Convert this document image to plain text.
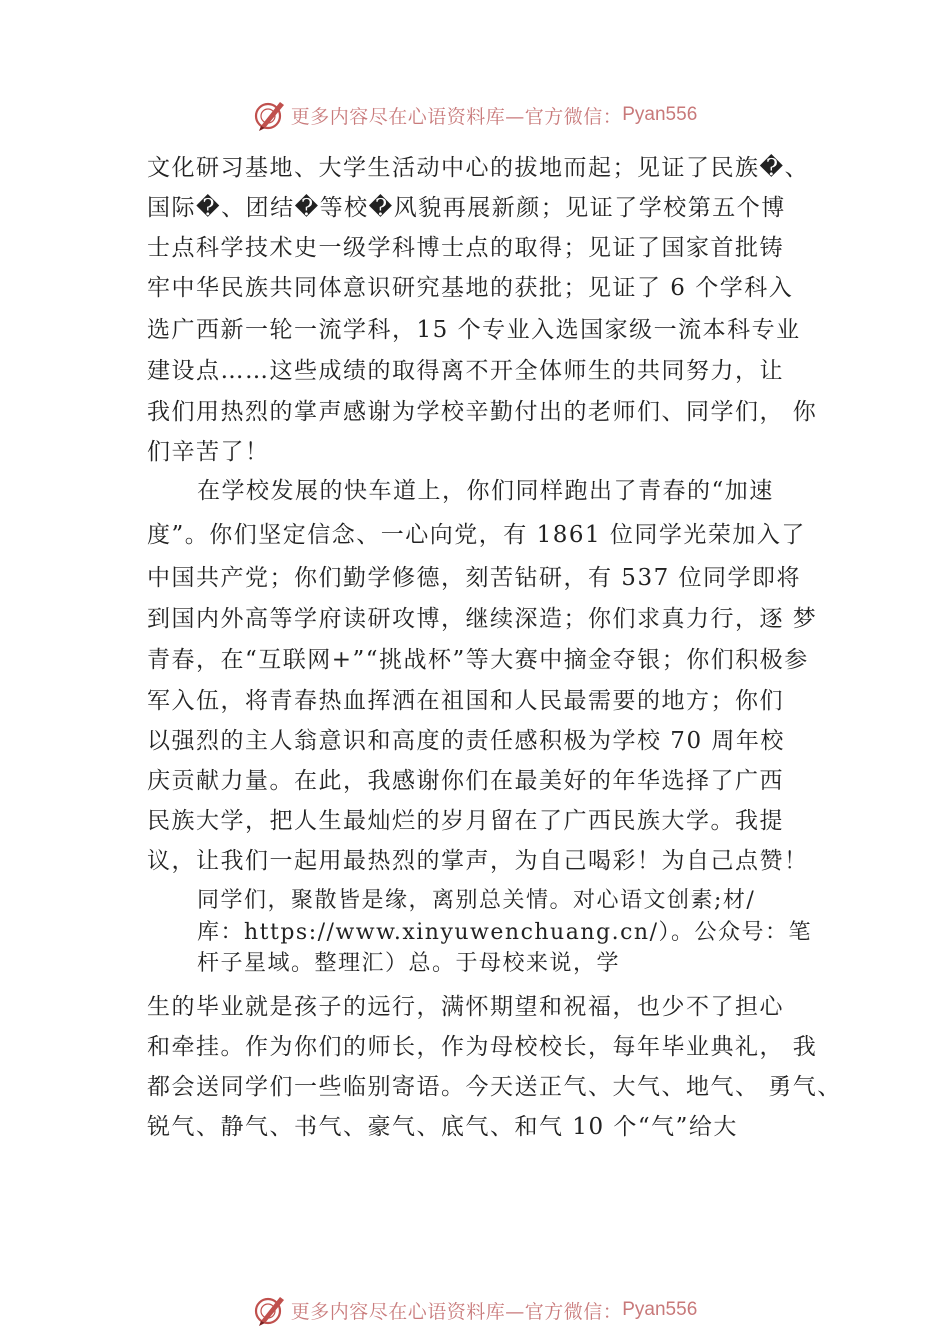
更多内容尽在心语资料库—官方微信： Pyan556
文化研习基地、大学生活动中心的拔地而起；见证了民族�、
国际�、团结�等校�风貌再展新颜；见证了学校第五个博
士点科学技术史一级学科博士点的取得；见证了国家首批铸
牢中华民族共同体意识研究基地的获批；见证了 6 个学科入
选广西新一轮一流学科，15 个专业入选国家级一流本科专业
建设点……这些成绩的取得离不开全体师生的共同努力，让
我们用热烈的掌声感谢为学校辛勤付出的老师们、同学们， 你
们辛苦了！
在学校发展的快车道上，你们同样跑出了青春的“加速
度”。你们坚定信念、一心向党，有 1861 位同学光荣加入了
中国共产党；你们勤学修德，刻苦钻研，有 537 位同学即将
到国内外高等学府读研攻博，继续深造；你们求真力行，逐 梦
青春，在“互联网+”“挑战杯”等大赛中摘金夺银；你们积极参
军入伍，将青春热血挥洒在祖国和人民最需要的地方；你们
以强烈的主人翁意识和高度的责任感积极为学校 70 周年校
庆贡献力量。在此，我感谢你们在最美好的年华选择了广西
民族大学，把人生最灿烂的岁月留在了广西民族大学。我提
议，让我们一起用最热烈的掌声，为自己喝彩！为自己点赞！
同学们，聚散皆是缘，离别总关情。对心语文创素;材/
库：https://www.xinyuwenchuang.cn/）。公众号：笔
杆子星域。整理汇）总。于母校来说，学
生的毕业就是孩子的远行，满怀期望和祝福，也少不了担心
和牵挂。作为你们的师长，作为母校校长，每年毕业典礼， 我
都会送同学们一些临别寄语。今天送正气、大气、地气、 勇气、
锐气、静气、书气、豪气、底气、和气 10 个“气”给大
更多内容尽在心语资料库—官方微信： Pyan556
